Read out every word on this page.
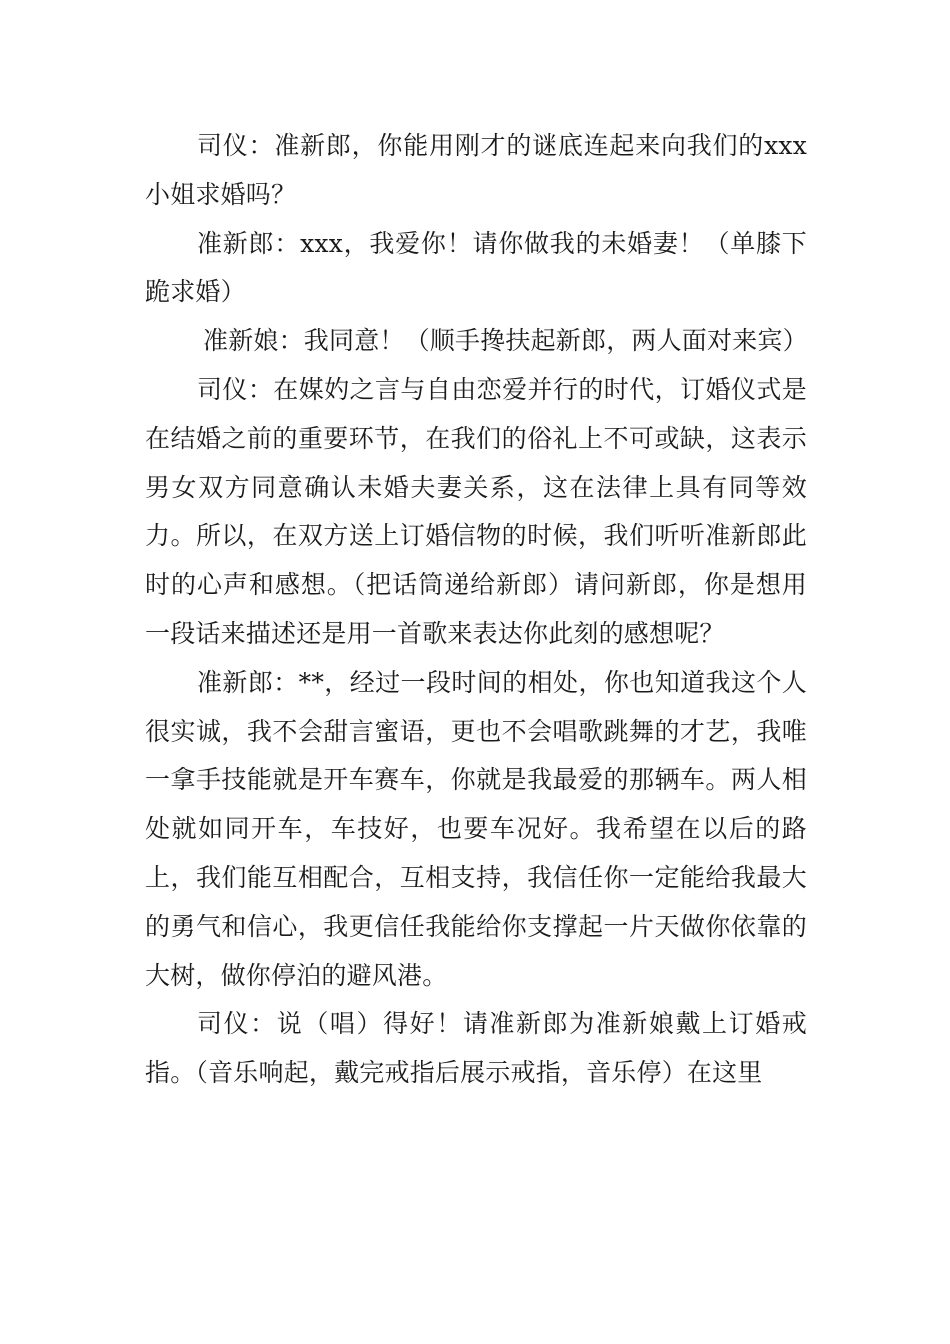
司仪：准新郎，你能用刚才的谜底连起来向我们的xxx小姐求婚吗？

准新郎：xxx，我爱你！请你做我的未婚妻！（单膝下跪求婚）

准新娘：我同意！（顺手搀扶起新郎，两人面对来宾）

司仪：在媒妁之言与自由恋爱并行的时代，订婚仪式是在结婚之前的重要环节，在我们的俗礼上不可或缺，这表示男女双方同意确认未婚夫妻关系，这在法律上具有同等效力。所以，在双方送上订婚信物的时候，我们听听准新郎此时的心声和感想。（把话筒递给新郎）请问新郎，你是想用一段话来描述还是用一首歌来表达你此刻的感想呢？

准新郎：**，经过一段时间的相处，你也知道我这个人很实诚，我不会甜言蜜语，更也不会唱歌跳舞的才艺，我唯一拿手技能就是开车赛车，你就是我最爱的那辆车。两人相处就如同开车，车技好，也要车况好。我希望在以后的路上，我们能互相配合，互相支持，我信任你一定能给我最大的勇气和信心，我更信任我能给你支撑起一片天做你依靠的大树，做你停泊的避风港。

司仪：说（唱）得好！请准新郎为准新娘戴上订婚戒指。（音乐响起，戴完戒指后展示戒指，音乐停）在这里
